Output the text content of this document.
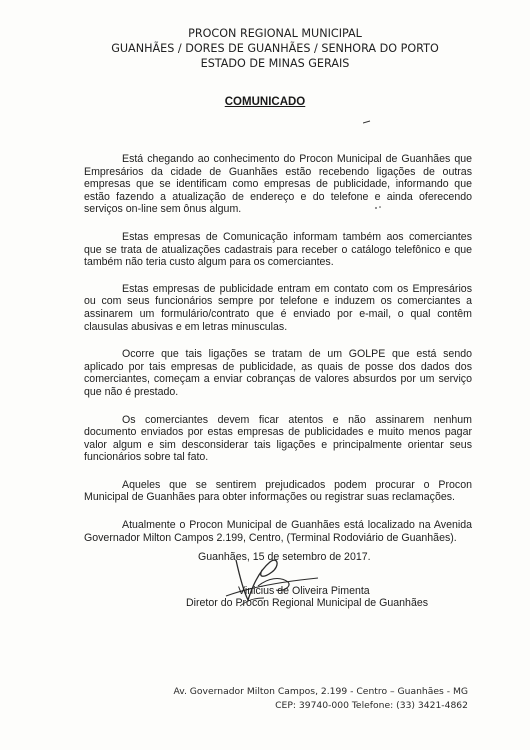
PROCON REGIONAL MUNICIPAL
GUANHÃES / DORES DE GUANHÃES / SENHORA DO PORTO
ESTADO DE MINAS GERAIS
COMUNICADO

Está chegando ao conhecimento do Procon Municipal de Guanhães que Empresários da cidade de Guanhães estão recebendo ligações de outras empresas que se identificam como empresas de publicidade, informando que estão fazendo a atualização de endereço e do telefone e ainda oferecendo serviços on-line sem ônus algum.

Estas empresas de Comunicação informam também aos comerciantes que se trata de atualizações cadastrais para receber o catálogo telefônico e que também não teria custo algum para os comerciantes.

Estas empresas de publicidade entram em contato com os Empresários ou com seus funcionários sempre por telefone e induzem os comerciantes a assinarem um formulário/contrato que é enviado por e-mail, o qual contêm clausulas abusivas e em letras minusculas.

Ocorre que tais ligações se tratam de um GOLPE que está sendo aplicado por tais empresas de publicidade, as quais de posse dos dados dos comerciantes, começam a enviar cobranças de valores absurdos por um serviço que não é prestado.

Os comerciantes devem ficar atentos e não assinarem nenhum documento enviados por estas empresas de publicidades e muito menos pagar valor algum e sim desconsiderar tais ligações e principalmente orientar seus funcionários sobre tal fato.

Aqueles que se sentirem prejudicados podem procurar o Procon Municipal de Guanhães para obter informações ou registrar suas reclamações.

Atualmente o Procon Municipal de Guanhães está localizado na Avenida Governador Milton Campos 2.199, Centro, (Terminal Rodoviário de Guanhães).

Guanhães, 15 de setembro de 2017.
Vinicius de Oliveira Pimenta
Diretor do Procon Regional Municipal de Guanhães
Av. Governador Milton Campos, 2.199 - Centro – Guanhães - MG
CEP: 39740-000 Telefone: (33) 3421-4862
